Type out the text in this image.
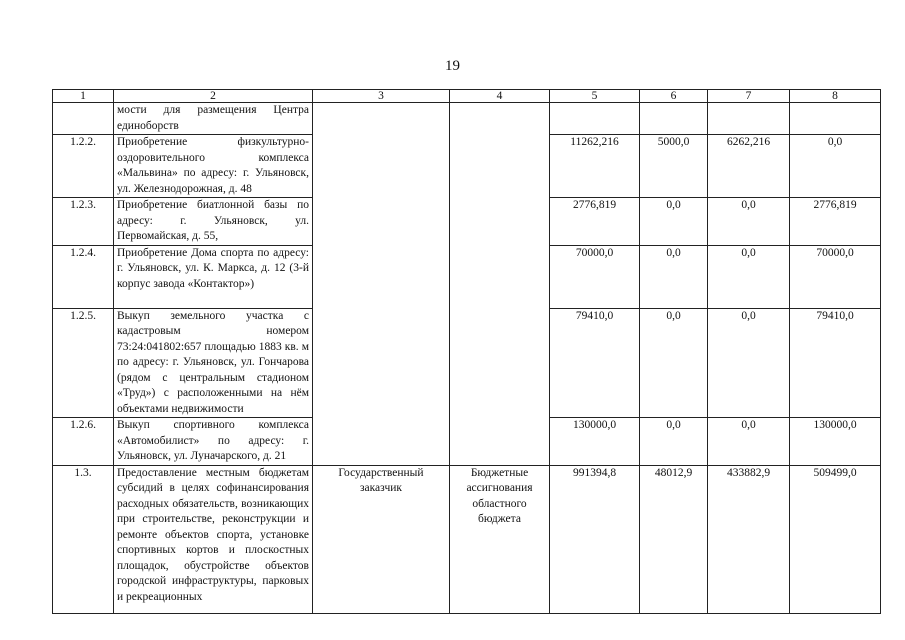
19
1	2	3	4	5	6	7	8
	мости для размещения Центра единоборств						
1.2.2.	Приобретение физкультурно-оздоровительного комплекса «Мальвина» по адресу: г. Ульяновск, ул. Железнодорожная, д. 48			11262,216	5000,0	6262,216	0,0
1.2.3.	Приобретение биатлонной базы по адресу: г. Ульяновск, ул. Первомайская, д. 55,			2776,819	0,0	0,0	2776,819
1.2.4.	Приобретение Дома спорта по адресу: г. Ульяновск, ул. К. Маркса, д. 12 (3-й корпус завода «Контактор»)			70000,0	0,0	0,0	70000,0
1.2.5.	Выкуп земельного участка с кадастровым номером 73:24:041802:657 площадью 1883 кв. м по адресу: г. Ульяновск, ул. Гончарова (рядом с центральным стадионом «Труд») с расположенными на нём объектами недвижимости			79410,0	0,0	0,0	79410,0
1.2.6.	Выкуп спортивного комплекса «Автомобилист» по адресу: г. Ульяновск, ул. Луначарского, д. 21			130000,0	0,0	0,0	130000,0
1.3.	Предоставление местным бюджетам субсидий в целях софинансирования расходных обязательств, возникающих при строительстве, реконструкции и ремонте объектов спорта, установке спортивных кортов и плоскостных площадок, обустройстве объектов городской инфраструктуры, парковых и рекреационных	Государственный заказчик	Бюджетные ассигнования областного бюджета	991394,8	48012,9	433882,9	509499,0
